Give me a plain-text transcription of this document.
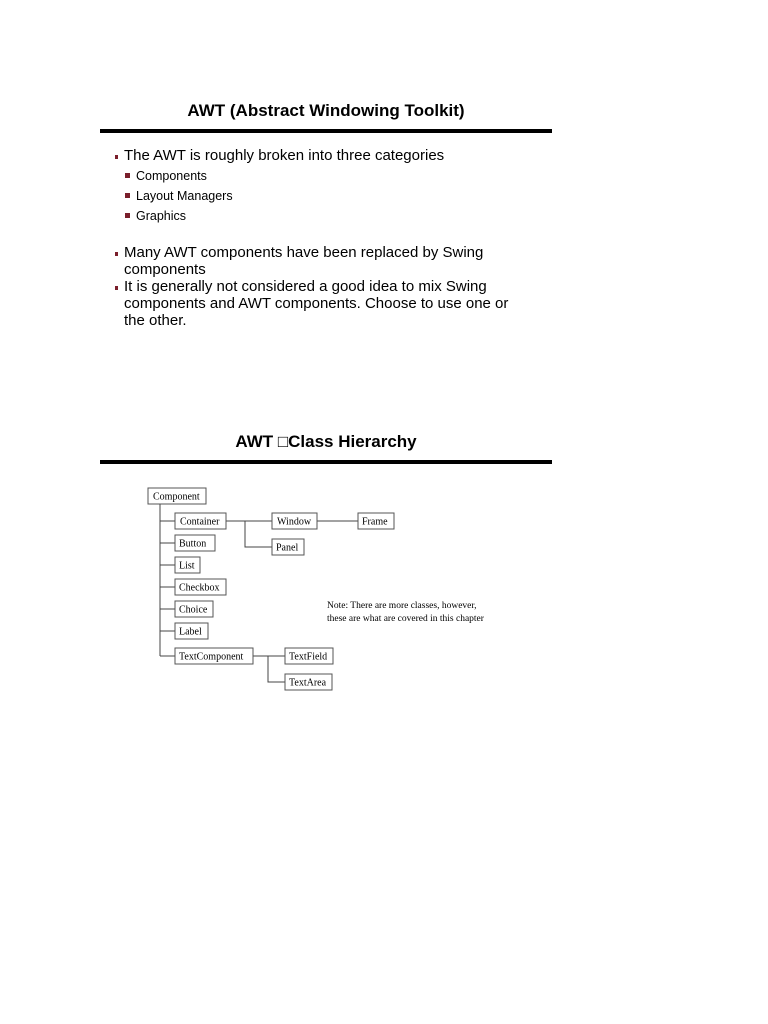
AWT (Abstract Windowing Toolkit)
The AWT is roughly broken into three categories
Components
Layout Managers
Graphics
Many AWT components have been replaced by Swing components
It is generally not considered a good idea to mix Swing components and AWT components. Choose to use one or the other.
AWT □Class Hierarchy
Component
Container	Window	Frame
Panel
Button
List
Checkbox
Choice
Label
TextComponent	TextField
TextArea
Note: There are more classes, however,
these are what are covered in this chapter
